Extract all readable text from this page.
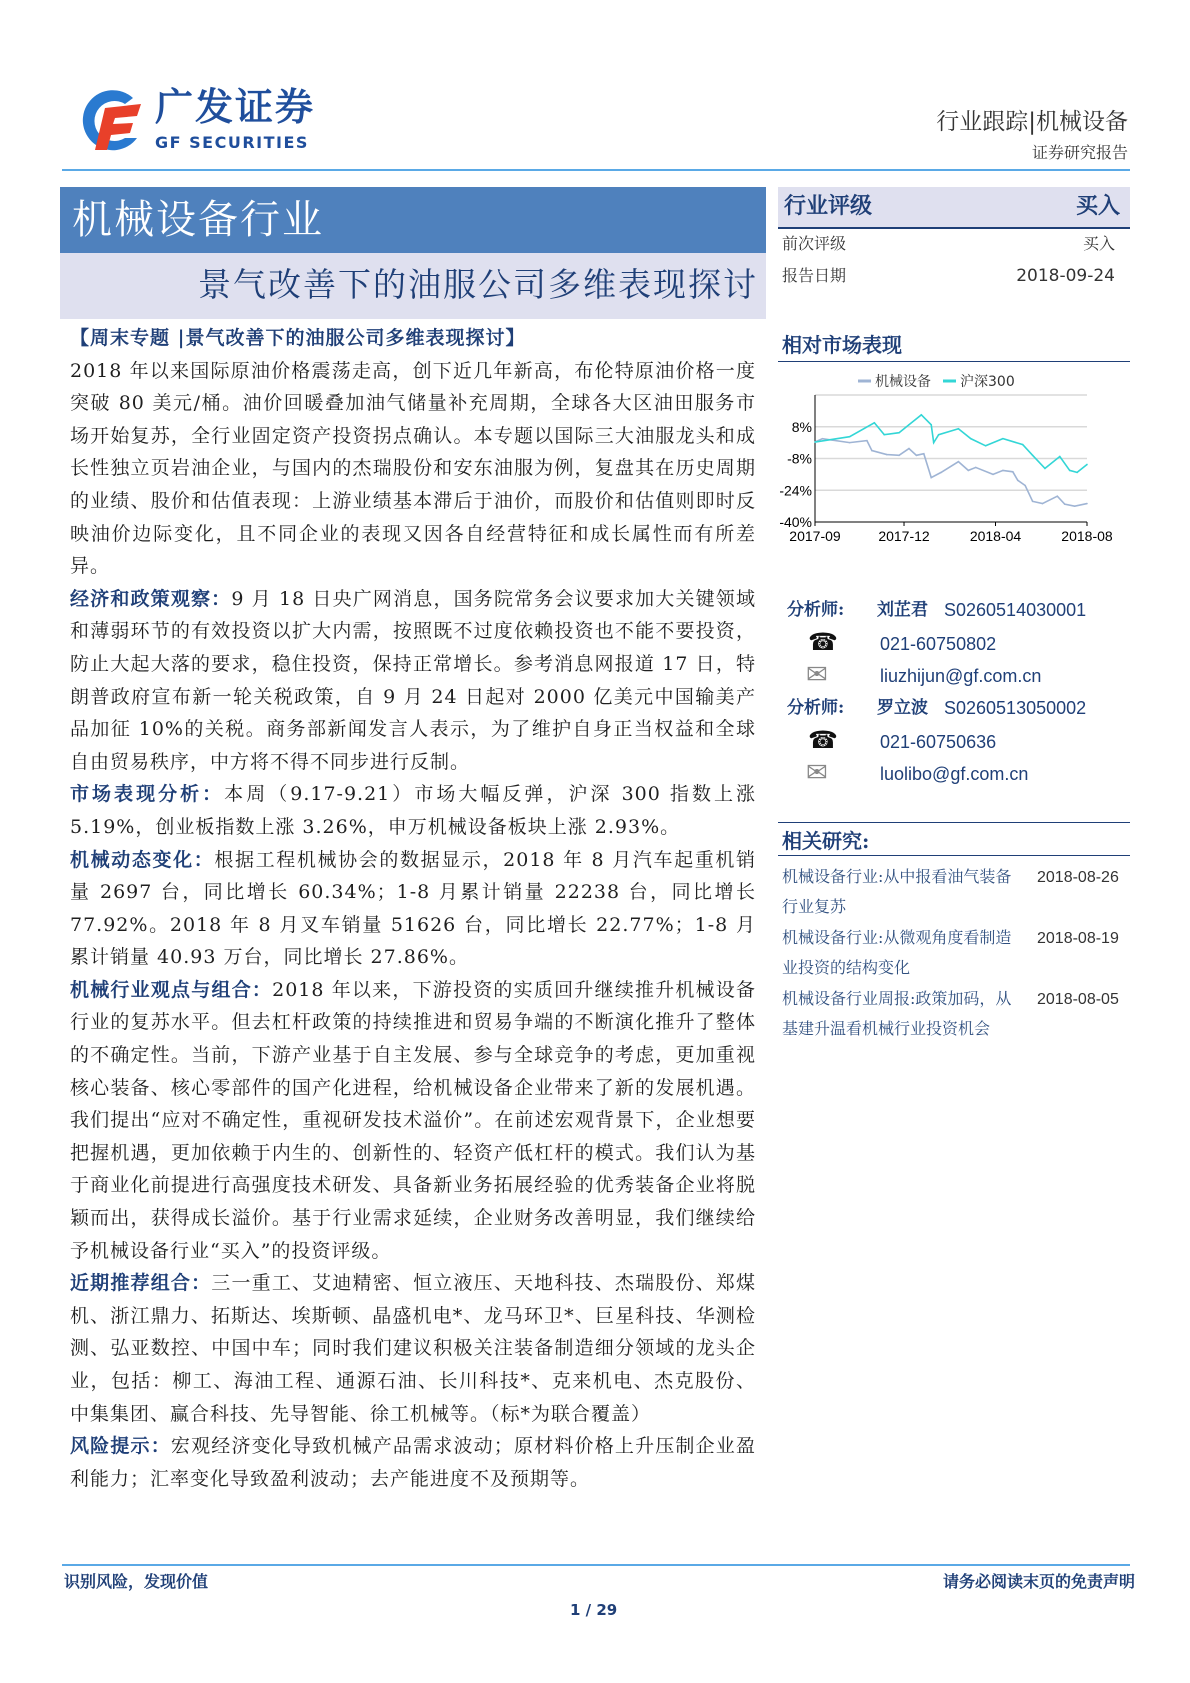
广发证券
GF SECURITIES
行业跟踪|机械设备
证券研究报告
机械设备行业
景气改善下的油服公司多维表现探讨

【周末专题 |景气改善下的油服公司多维表现探讨】

2018 年以来国际原油价格震荡走高，创下近几年新高，布伦特原油价格一度突破 80 美元/桶。油价回暖叠加油气储量补充周期，全球各大区油田服务市场开始复苏，全行业固定资产投资拐点确认。本专题以国际三大油服龙头和成长性独立页岩油企业，与国内的杰瑞股份和安东油服为例，复盘其在历史周期的业绩、股价和估值表现：上游业绩基本滞后于油价，而股价和估值则即时反映油价边际变化，且不同企业的表现又因各自经营特征和成长属性而有所差异。

经济和政策观察：9 月 18 日央广网消息，国务院常务会议要求加大关键领域和薄弱环节的有效投资以扩大内需，按照既不过度依赖投资也不能不要投资，防止大起大落的要求，稳住投资，保持正常增长。参考消息网报道 17 日，特朗普政府宣布新一轮关税政策，自 9 月 24 日起对 2000 亿美元中国输美产品加征 10%的关税。商务部新闻发言人表示，为了维护自身正当权益和全球自由贸易秩序，中方将不得不同步进行反制。

市场表现分析：本周（9.17-9.21）市场大幅反弹，沪深 300 指数上涨 5.19%，创业板指数上涨 3.26%，申万机械设备板块上涨 2.93%。

机械动态变化：根据工程机械协会的数据显示，2018 年 8 月汽车起重机销量 2697 台，同比增长 60.34%；1-8 月累计销量 22238 台，同比增长 77.92%。2018 年 8 月叉车销量 51626 台，同比增长 22.77%；1-8 月累计销量 40.93 万台，同比增长 27.86%。

机械行业观点与组合：2018 年以来，下游投资的实质回升继续推升机械设备行业的复苏水平。但去杠杆政策的持续推进和贸易争端的不断演化推升了整体的不确定性。当前，下游产业基于自主发展、参与全球竞争的考虑，更加重视核心装备、核心零部件的国产化进程，给机械设备企业带来了新的发展机遇。我们提出“应对不确定性，重视研发技术溢价”。在前述宏观背景下，企业想要把握机遇，更加依赖于内生的、创新性的、轻资产低杠杆的模式。我们认为基于商业化前提进行高强度技术研发、具备新业务拓展经验的优秀装备企业将脱颖而出，获得成长溢价。基于行业需求延续，企业财务改善明显，我们继续给予机械设备行业“买入”的投资评级。

近期推荐组合：三一重工、艾迪精密、恒立液压、天地科技、杰瑞股份、郑煤机、浙江鼎力、拓斯达、埃斯顿、晶盛机电*、龙马环卫*、巨星科技、华测检测、弘亚数控、中国中车；同时我们建议积极关注装备制造细分领域的龙头企业，包括：柳工、海油工程、通源石油、长川科技*、克来机电、杰克股份、中集集团、赢合科技、先导智能、徐工机械等。（标*为联合覆盖）

风险提示：宏观经济变化导致机械产品需求波动；原材料价格上升压制企业盈利能力；汇率变化导致盈利波动；去产能进度不及预期等。

行业评级	买入
前次评级	买入
报告日期	2018-09-24
相对市场表现
8%
-8%
-24%
-40%
2017-09	2017-12	2018-04	2018-08
机械设备 沪深300
相关研究:
识别风险，发现价值	请务必阅读末页的免责声明
1 / 29
分析师: 刘芷君 S0260514030001
☎ 021-60750802
✉	liuzhijun@gf.com.cn
分析师: 罗立波 S0260513050002
☎ 021-60750636
✉	luolibo@gf.com.cn
机械设备行业:从中报看油气装备行业复苏
2018-08-26
机械设备行业:从微观角度看制造业投资的结构变化
2018-08-19
机械设备行业周报:政策加码，从基建升温看机械行业投资机会
2018-08-05
